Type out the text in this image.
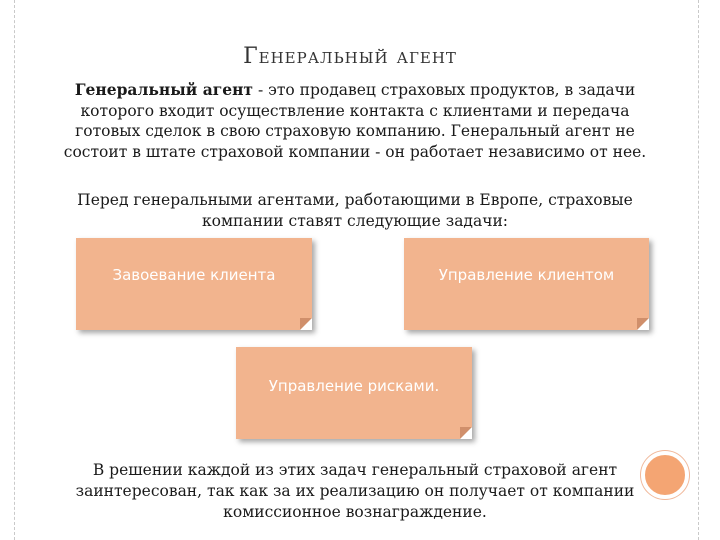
Генеральный агент

Генеральный агент - это продавец страховых продуктов, в задачи которого входит осуществление контакта с клиентами и передача готовых сделок в свою страховую компанию. Генеральный агент не состоит в штате страховой компании - он работает независимо от нее.

Перед генеральными агентами, работающими в Европе, страховые компании ставят следующие задачи:

Завоевание клиента	Управление клиентом
Управление рисками.

В решении каждой из этих задач генеральный страховой агент заинтересован, так как за их реализацию он получает от компании комиссионное вознаграждение.
